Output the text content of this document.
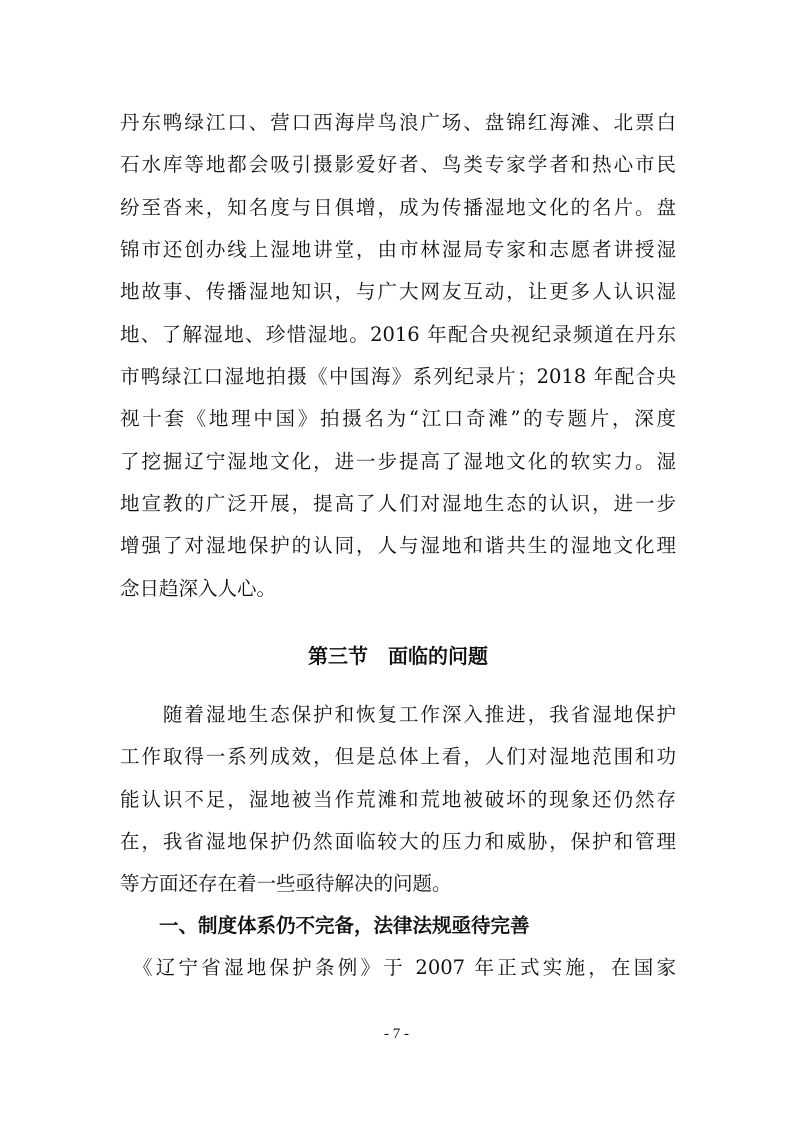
丹东鸭绿江口、营口西海岸鸟浪广场、盘锦红海滩、北票白
石水库等地都会吸引摄影爱好者、鸟类专家学者和热心市民
纷至沓来，知名度与日俱增，成为传播湿地文化的名片。盘
锦市还创办线上湿地讲堂，由市林湿局专家和志愿者讲授湿
地故事、传播湿地知识，与广大网友互动，让更多人认识湿
地、了解湿地、珍惜湿地。2016 年配合央视纪录频道在丹东
市鸭绿江口湿地拍摄《中国海》系列纪录片；2018 年配合央
视十套《地理中国》拍摄名为“江口奇滩”的专题片，深度
了挖掘辽宁湿地文化，进一步提高了湿地文化的软实力。湿
地宣教的广泛开展，提高了人们对湿地生态的认识，进一步
增强了对湿地保护的认同，人与湿地和谐共生的湿地文化理
念日趋深入人心。
第三节　面临的问题
　　随着湿地生态保护和恢复工作深入推进，我省湿地保护
工作取得一系列成效，但是总体上看，人们对湿地范围和功
能认识不足，湿地被当作荒滩和荒地被破坏的现象还仍然存
在，我省湿地保护仍然面临较大的压力和威胁，保护和管理
等方面还存在着一些亟待解决的问题。
　　一、制度体系仍不完备，法律法规亟待完善
　《辽宁省湿地保护条例》于 2007 年正式实施，在国家
- 7 -
